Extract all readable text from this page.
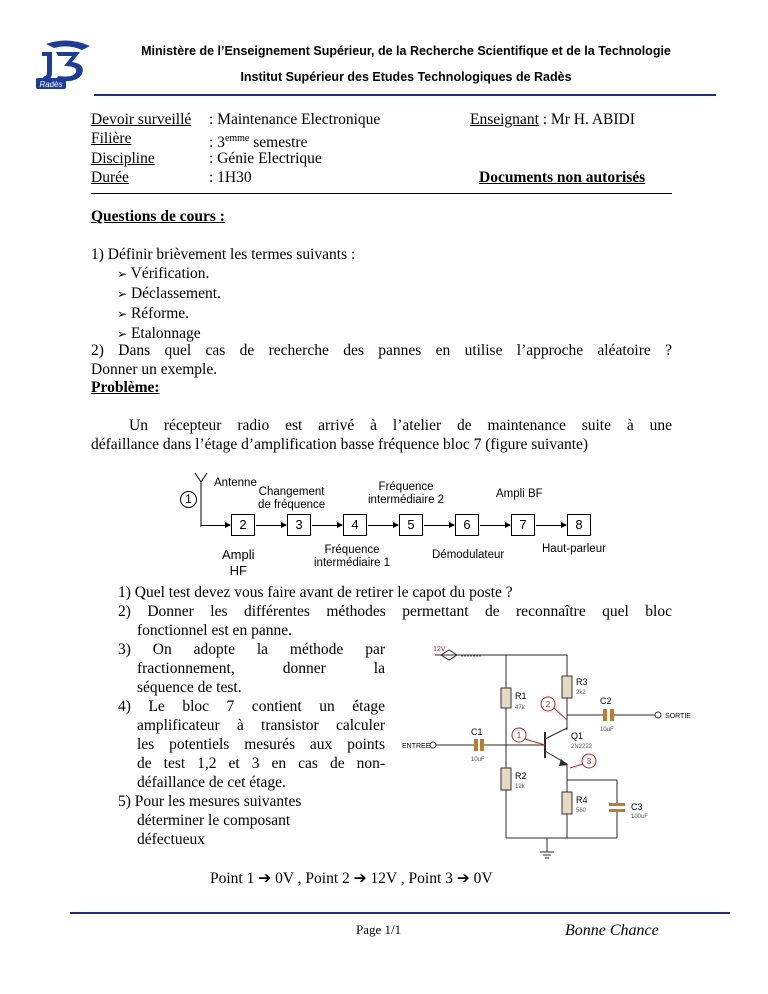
Radès
Ministère de l’Enseignement Supérieur, de la Recherche Scientifique et de la Technologie
Institut Supérieur des Etudes Technologiques de Radès
Devoir surveillé : Maintenance Electronique	Enseignant : Mr H. ABIDI
Filière	: $3^{emme}$ semestre
Discipline	: Génie Electrique
Durée	: 1H30	Documents non autorisés
Questions de cours :
1) Définir brièvement les termes suivants :
➢ Vérification.
➢ Déclassement.
➢ Réforme.
➢ Etalonnage
2) Dans quel cas de recherche des pannes en utilise l’approche aléatoire ?
Donner un exemple.
Problème:
Un récepteur radio est arrivé à l’atelier de maintenance suite à une
défaillance dans l’étage d’amplification basse fréquence bloc 7 (figure suivante)
1
Antenne
2	3	4	5	6	7	8
Changement
de fréquence
Fréquence
intermédiaire 2	Ampli BF
Ampli
HF
Fréquence
intermédiaire 1
Démodulateur	Haut-parleur
1) Quel test devez vous faire avant de retirer le capot du poste ?
2) Donner les différentes méthodes permettant de reconnaître quel bloc
fonctionnel est en panne.
3) On adopte la méthode par
fractionnement, donner la
séquence de test.
4) Le bloc 7 contient un étage
amplificateur à transistor calculer
les potentiels mesurés aux points
de test 1,2 et 3 en cas de non-
défaillance de cet étage.
5) Pour les mesures suivantes
déterminer le composant
défectueux
Point 1 ➔ 0V , Point 2 ➔ 12V , Point 3 ➔ 0V
12V
1
2
3
R1
47k
R2
12k
R3
2k2
R4
560
C1
10uF
C2
10uF
C3
100uF
Q1
2N2222
ENTREE
SORTIE
Page 1/1	Bonne Chance
